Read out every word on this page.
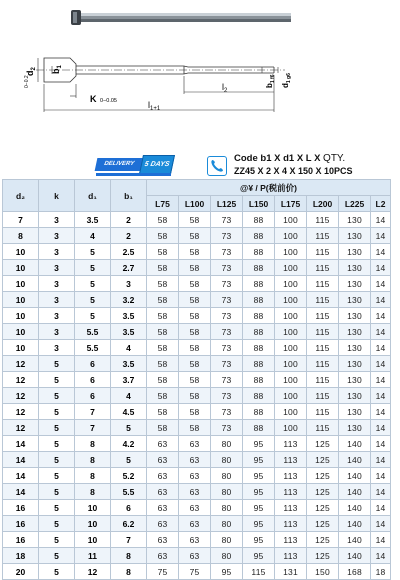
$d_2$
0−0.2
$b_1$
K 0−0.05
$l_2$
$l_{1+1}$
$b_{1 f6}$
$d_{1 g6}$
DELIVERY	5 DAYS
Code b1 X d1 X L X QTY.
ZZ45 X 2 X 4 X 150 X 10PCS
d₂	k	d₁	b₁	@¥ / P(税前价)							
				L75	L100	L125	L150	L175	L200	L225	L2
7	3	3.5	2	58	58	73	88	100	115	130	14
8	3	4	2	58	58	73	88	100	115	130	14
10	3	5	2.5	58	58	73	88	100	115	130	14
10	3	5	2.7	58	58	73	88	100	115	130	14
10	3	5	3	58	58	73	88	100	115	130	14
10	3	5	3.2	58	58	73	88	100	115	130	14
10	3	5	3.5	58	58	73	88	100	115	130	14
10	3	5.5	3.5	58	58	73	88	100	115	130	14
10	3	5.5	4	58	58	73	88	100	115	130	14
12	5	6	3.5	58	58	73	88	100	115	130	14
12	5	6	3.7	58	58	73	88	100	115	130	14
12	5	6	4	58	58	73	88	100	115	130	14
12	5	7	4.5	58	58	73	88	100	115	130	14
12	5	7	5	58	58	73	88	100	115	130	14
14	5	8	4.2	63	63	80	95	113	125	140	14
14	5	8	5	63	63	80	95	113	125	140	14
14	5	8	5.2	63	63	80	95	113	125	140	14
14	5	8	5.5	63	63	80	95	113	125	140	14
16	5	10	6	63	63	80	95	113	125	140	14
16	5	10	6.2	63	63	80	95	113	125	140	14
16	5	10	7	63	63	80	95	113	125	140	14
18	5	11	8	63	63	80	95	113	125	140	14
20	5	12	8	75	75	95	115	131	150	168	18
